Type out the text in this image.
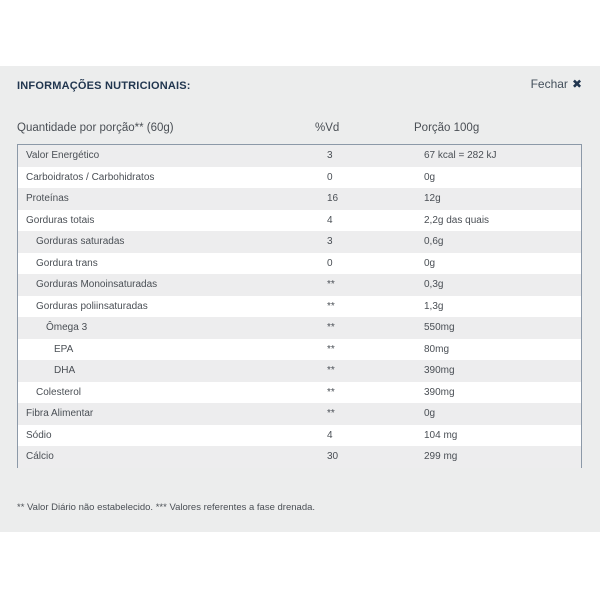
INFORMAÇÕES NUTRICIONAIS:	Fechar ✖
Quantidade por porção** (60g)	%Vd	Porção 100g
Valor Energético	3	67 kcal = 282 kJ
Carboidratos / Carbohidratos	0	0g
Proteínas	16	12g
Gorduras totais	4	2,2g das quais
Gorduras saturadas	3	0,6g
Gordura trans	0	0g
Gorduras Monoinsaturadas	**	0,3g
Gorduras poliinsaturadas	**	1,3g
Ômega 3	**	550mg
EPA	**	80mg
DHA	**	390mg
Colesterol	**	390mg
Fibra Alimentar	**	0g
Sódio	4	104 mg
Cálcio	30	299 mg
** Valor Diário não estabelecido. *** Valores referentes a fase drenada.
